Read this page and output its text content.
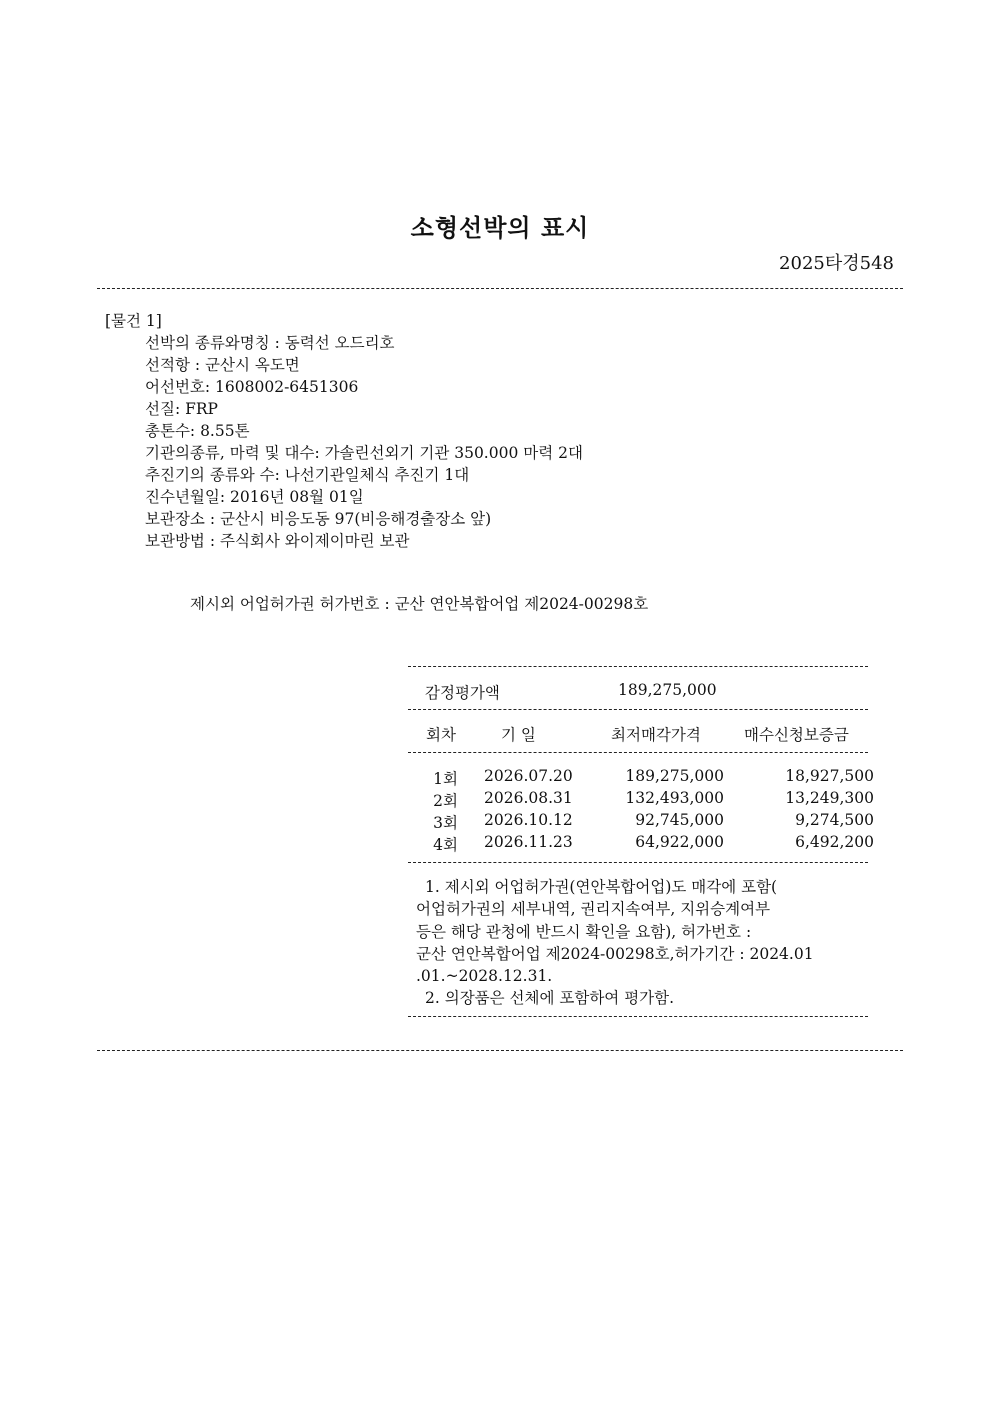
소형선박의 표시
2025타경548
[물건 1]
선박의 종류와명칭 : 동력선 오드리호
선적항 : 군산시 옥도면
어선번호: 1608002-6451306
선질: FRP
총톤수: 8.55톤
기관의종류, 마력 및 대수: 가솔린선외기 기관 350.000 마력 2대
추진기의 종류와 수: 나선기관일체식 추진기 1대
진수년월일: 2016년 08월 01일
보관장소 : 군산시 비응도동 97(비응해경출장소 앞)
보관방법 : 주식회사 와이제이마린 보관
제시외 어업허가권 허가번호 : 군산 연안복합어업 제2024-00298호
감정평가액	189,275,000
회차	기 일	최저매각가격	매수신청보증금
1회 2026.07.20	189,275,000	18,927,500
2회 2026.08.31	132,493,000	13,249,300
3회 2026.10.12	92,745,000	9,274,500
4회 2026.11.23	64,922,000	6,492,200
1. 제시외 어업허가권(연안복합어업)도 매각에 포함(
어업허가권의 세부내역, 권리지속여부, 지위승계여부
등은 해당 관청에 반드시 확인을 요함), 허가번호 :
군산 연안복합어업 제2024-00298호,허가기간 : 2024.01
.01.~2028.12.31.
2. 의장품은 선체에 포함하여 평가함.
